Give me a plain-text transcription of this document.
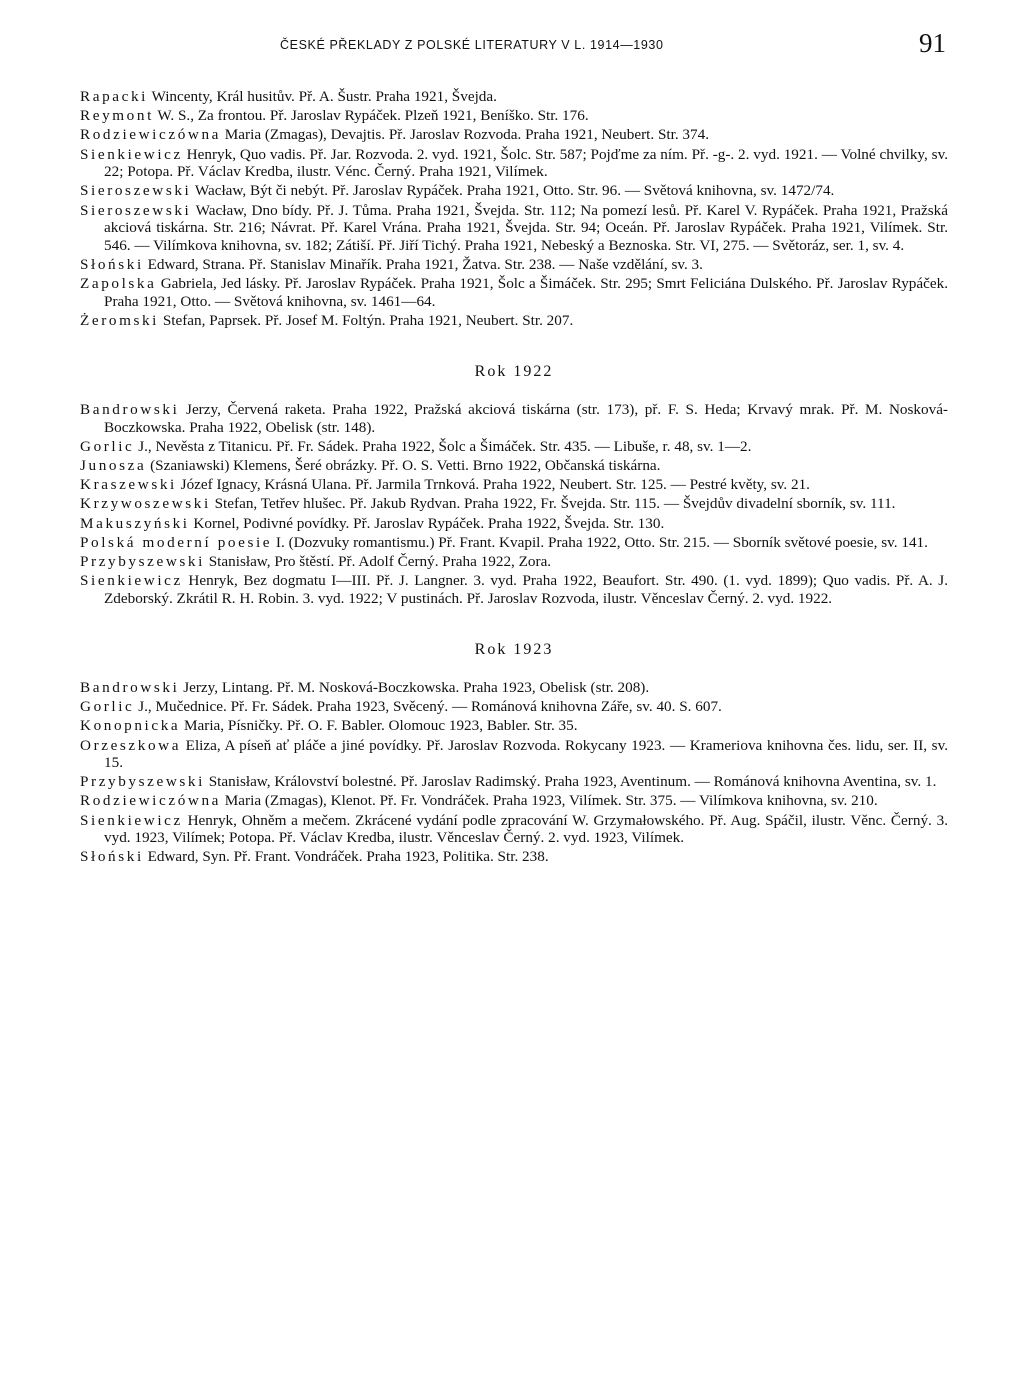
ČESKÉ PŘEKLADY Z POLSKÉ LITERATURY V L. 1914—1930	91

Rapacki Wincenty, Král husitův. Př. A. Šustr. Praha 1921, Švejda.

Reymont W. S., Za frontou. Př. Jaroslav Rypáček. Plzeň 1921, Beníško. Str. 176.

Rodziewiczówna Maria (Zmagas), Devajtis. Př. Jaroslav Rozvoda. Praha 1921, Neubert. Str. 374.

Sienkiewicz Henryk, Quo vadis. Př. Jar. Rozvoda. 2. vyd. 1921, Šolc. Str. 587; Pojďme za ním. Př. -g-. 2. vyd. 1921. — Volné chvilky, sv. 22; Potopa. Př. Václav Kredba, ilustr. Vénc. Černý. Praha 1921, Vilímek.

Sieroszewski Wacław, Být či nebýt. Př. Jaroslav Rypáček. Praha 1921, Otto. Str. 96. — Světová knihovna, sv. 1472/74.

Sieroszewski Wacław, Dno bídy. Př. J. Tůma. Praha 1921, Švejda. Str. 112; Na pomezí lesů. Př. Karel V. Rypáček. Praha 1921, Pražská akciová tiskárna. Str. 216; Návrat. Př. Karel Vrána. Praha 1921, Švejda. Str. 94; Oceán. Př. Jaroslav Rypáček. Praha 1921, Vilímek. Str. 546. — Vilímkova knihovna, sv. 182; Zátiší. Př. Jiří Tichý. Praha 1921, Nebeský a Beznoska. Str. VI, 275. — Světoráz, ser. 1, sv. 4.

Słoński Edward, Strana. Př. Stanislav Minařík. Praha 1921, Žatva. Str. 238. — Naše vzdělání, sv. 3.

Zapolska Gabriela, Jed lásky. Př. Jaroslav Rypáček. Praha 1921, Šolc a Šimáček. Str. 295; Smrt Feliciána Dulského. Př. Jaroslav Rypáček. Praha 1921, Otto. — Světová knihovna, sv. 1461—64.

Żeromski Stefan, Paprsek. Př. Josef M. Foltýn. Praha 1921, Neubert. Str. 207.

Rok 1922

Bandrowski Jerzy, Červená raketa. Praha 1922, Pražská akciová tiskárna (str. 173), př. F. S. Heda; Krvavý mrak. Př. M. Nosková-Boczkowska. Praha 1922, Obelisk (str. 148).

Gorlic J., Nevěsta z Titanicu. Př. Fr. Sádek. Praha 1922, Šolc a Šimáček. Str. 435. — Libuše, r. 48, sv. 1—2.

Junosza (Szaniawski) Klemens, Šeré obrázky. Př. O. S. Vetti. Brno 1922, Občanská tiskárna.

Kraszewski Józef Ignacy, Krásná Ulana. Př. Jarmila Trnková. Praha 1922, Neubert. Str. 125. — Pestré květy, sv. 21.

Krzywoszewski Stefan, Tetřev hlušec. Př. Jakub Rydvan. Praha 1922, Fr. Švejda. Str. 115. — Švejdův divadelní sborník, sv. 111.

Makuszyński Kornel, Podivné povídky. Př. Jaroslav Rypáček. Praha 1922, Švejda. Str. 130.

Polská moderní poesie I. (Dozvuky romantismu.) Př. Frant. Kvapil. Praha 1922, Otto. Str. 215. — Sborník světové poesie, sv. 141.

Przybyszewski Stanisław, Pro štěstí. Př. Adolf Černý. Praha 1922, Zora.

Sienkiewicz Henryk, Bez dogmatu I—III. Př. J. Langner. 3. vyd. Praha 1922, Beaufort. Str. 490. (1. vyd. 1899); Quo vadis. Př. A. J. Zdeborský. Zkrátil R. H. Robin. 3. vyd. 1922; V pustinách. Př. Jaroslav Rozvoda, ilustr. Věnceslav Černý. 2. vyd. 1922.

Rok 1923

Bandrowski Jerzy, Lintang. Př. M. Nosková-Boczkowska. Praha 1923, Obelisk (str. 208).

Gorlic J., Mučednice. Př. Fr. Sádek. Praha 1923, Svěcený. — Románová knihovna Záře, sv. 40. S. 607.

Konopnicka Maria, Písničky. Př. O. F. Babler. Olomouc 1923, Babler. Str. 35.

Orzeszkowa Eliza, A píseň ať pláče a jiné povídky. Př. Jaroslav Rozvoda. Rokycany 1923. — Krameriova knihovna čes. lidu, ser. II, sv. 15.

Przybyszewski Stanisław, Království bolestné. Př. Jaroslav Radimský. Praha 1923, Aventinum. — Románová knihovna Aventina, sv. 1.

Rodziewiczówna Maria (Zmagas), Klenot. Př. Fr. Vondráček. Praha 1923, Vilímek. Str. 375. — Vilímkova knihovna, sv. 210.

Sienkiewicz Henryk, Ohněm a mečem. Zkrácené vydání podle zpracování W. Grzymałowského. Př. Aug. Spáčil, ilustr. Věnc. Černý. 3. vyd. 1923, Vilímek; Potopa. Př. Václav Kredba, ilustr. Věnceslav Černý. 2. vyd. 1923, Vilímek.

Słoński Edward, Syn. Př. Frant. Vondráček. Praha 1923, Politika. Str. 238.
